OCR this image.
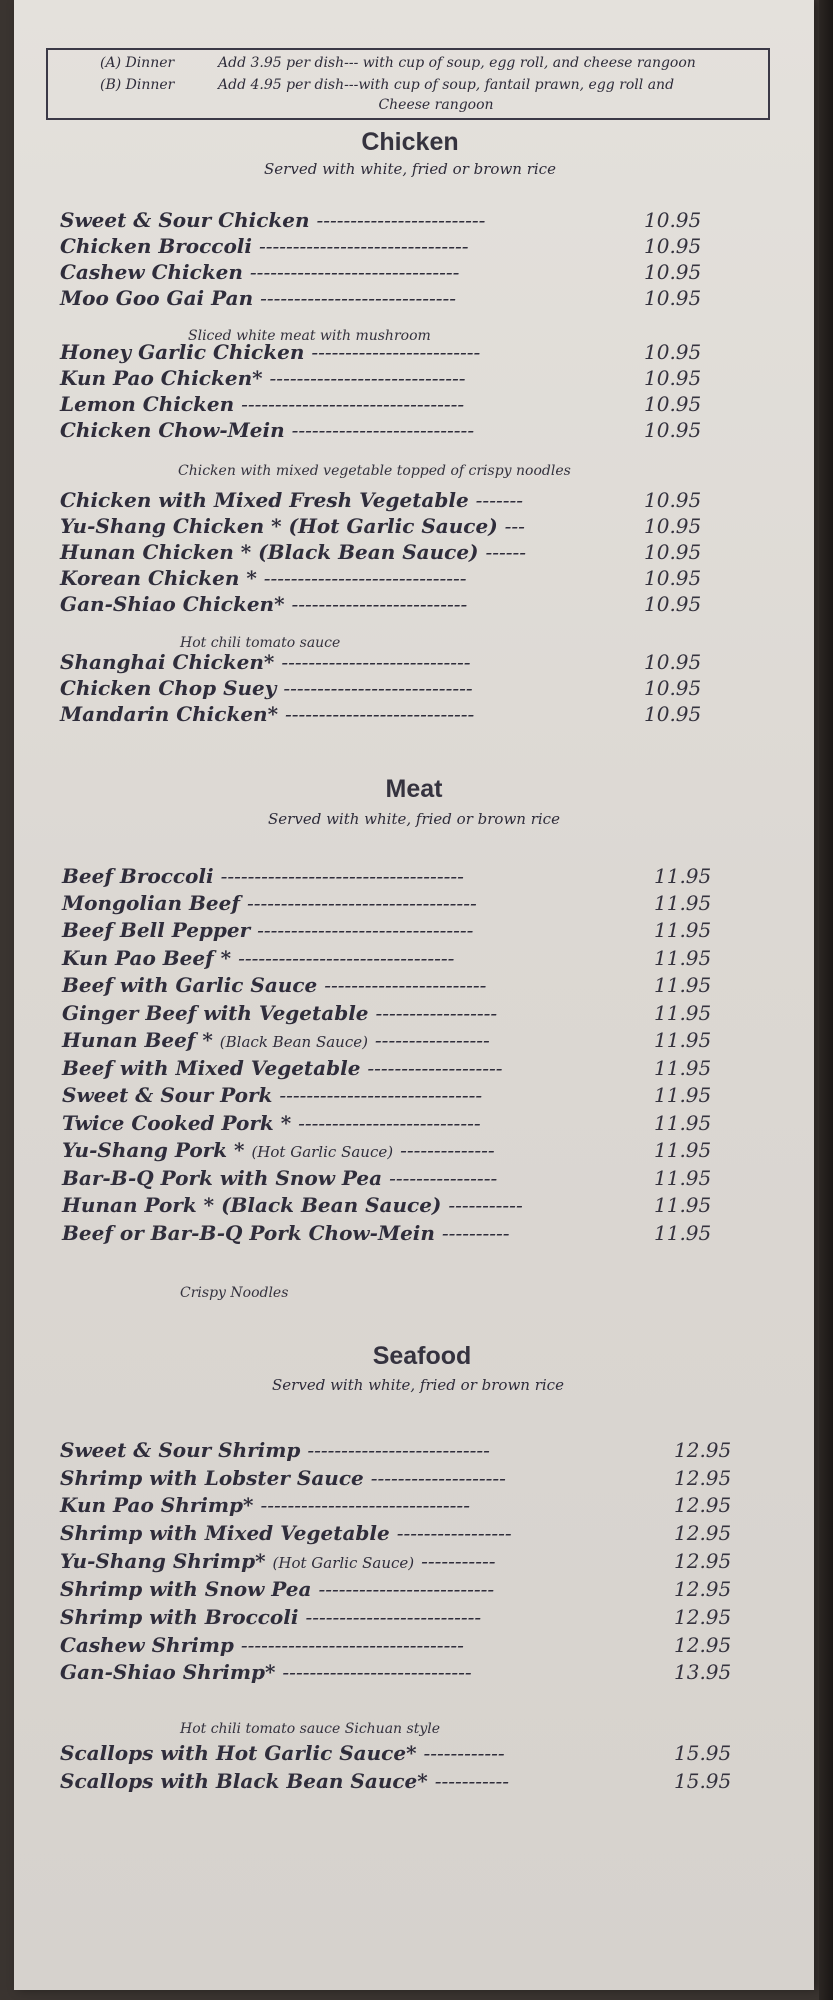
(A) Dinner	Add 3.95 per dish--- with cup of soup, egg roll, and cheese rangoon
(B) Dinner	Add 4.95 per dish---with cup of soup, fantail prawn, egg roll and
Cheese rangoon
Chicken
Served with white, fried or brown rice
Sweet & Sour Chicken -------------------------	10.95
Chicken Broccoli -------------------------------	10.95
Cashew Chicken -------------------------------	10.95
Moo Goo Gai Pan -----------------------------	10.95
Honey Garlic Chicken -------------------------	10.95
Kun Pao Chicken* -----------------------------	10.95
Lemon Chicken ---------------------------------	10.95
Chicken Chow-Mein ---------------------------	10.95
Chicken with Mixed Fresh Vegetable -------	10.95
Yu-Shang Chicken * (Hot Garlic Sauce) ---	10.95
Hunan Chicken * (Black Bean Sauce) ------	10.95
Korean Chicken * ------------------------------	10.95
Gan-Shiao Chicken* --------------------------	10.95
Shanghai Chicken* ----------------------------	10.95
Chicken Chop Suey ----------------------------	10.95
Mandarin Chicken* ----------------------------	10.95
Sliced white meat with mushroom
Chicken with mixed vegetable topped of crispy noodles
Hot chili tomato sauce
Meat
Served with white, fried or brown rice
Beef Broccoli ------------------------------------	11.95
Mongolian Beef ----------------------------------	11.95
Beef Bell Pepper --------------------------------	11.95
Kun Pao Beef * --------------------------------	11.95
Beef with Garlic Sauce ------------------------	11.95
Ginger Beef with Vegetable ------------------	11.95
Hunan Beef * (Black Bean Sauce) -----------------	11.95
Beef with Mixed Vegetable --------------------	11.95
Sweet & Sour Pork ------------------------------	11.95
Twice Cooked Pork * ---------------------------	11.95
Yu-Shang Pork * (Hot Garlic Sauce) --------------	11.95
Bar-B-Q Pork with Snow Pea ----------------	11.95
Hunan Pork * (Black Bean Sauce) -----------	11.95
Beef or Bar-B-Q Pork Chow-Mein ----------	11.95
Crispy Noodles
Seafood
Served with white, fried or brown rice
Sweet & Sour Shrimp ---------------------------	12.95
Shrimp with Lobster Sauce --------------------	12.95
Kun Pao Shrimp* -------------------------------	12.95
Shrimp with Mixed Vegetable -----------------	12.95
Yu-Shang Shrimp* (Hot Garlic Sauce) -----------	12.95
Shrimp with Snow Pea --------------------------	12.95
Shrimp with Broccoli --------------------------	12.95
Cashew Shrimp ---------------------------------	12.95
Gan-Shiao Shrimp* ----------------------------	13.95
Scallops with Hot Garlic Sauce* ------------	15.95
Scallops with Black Bean Sauce* -----------	15.95
Hot chili tomato sauce Sichuan style
